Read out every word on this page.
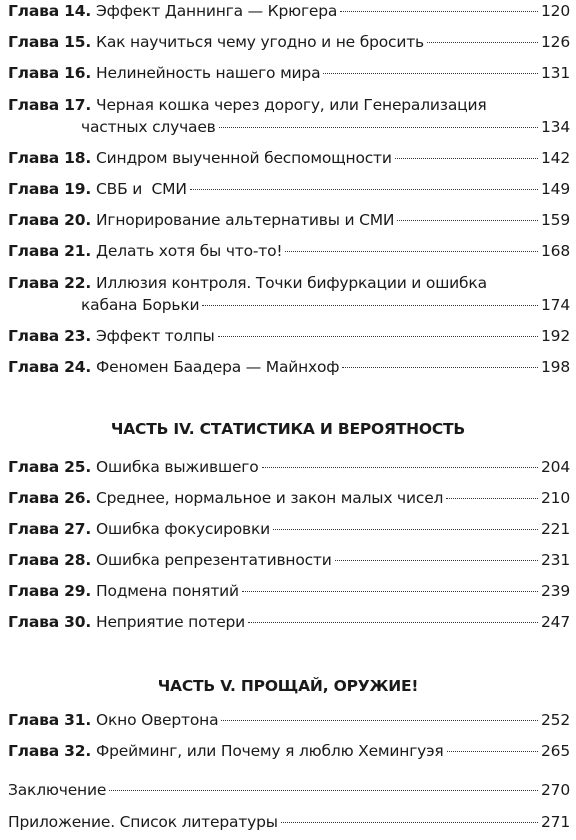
Глава 14. Эффект Даннинга — Крюгера	120
Глава 15. Как научиться чему угодно и не бросить	126
Глава 16. Нелинейность нашего мира	131
Глава 17. Черная кошка через дорогу, или Генерализация
частных случаев	134
Глава 18. Синдром выученной беспомощности	142
Глава 19. СВБ и  СМИ	149
Глава 20. Игнорирование альтернативы и СМИ	159
Глава 21. Делать хотя бы что-то!	168
Глава 22. Иллюзия контроля. Точки бифуркации и ошибка
кабана Борьки	174
Глава 23. Эффект толпы	192
Глава 24. Феномен Баадера — Майнхоф	198
ЧАСТЬ IV. СТАТИСТИКА И ВЕРОЯТНОСТЬ
Глава 25. Ошибка выжившего	204
Глава 26. Среднее, нормальное и закон малых чисел	210
Глава 27. Ошибка фокусировки	221
Глава 28. Ошибка репрезентативности	231
Глава 29. Подмена понятий	239
Глава 30. Неприятие потери	247
ЧАСТЬ V. ПРОЩАЙ, ОРУЖИЕ!
Глава 31. Окно Овертона	252
Глава 32. Фрейминг, или Почему я люблю Хемингуэя	265
Заключение	270
Приложение. Список литературы	271
